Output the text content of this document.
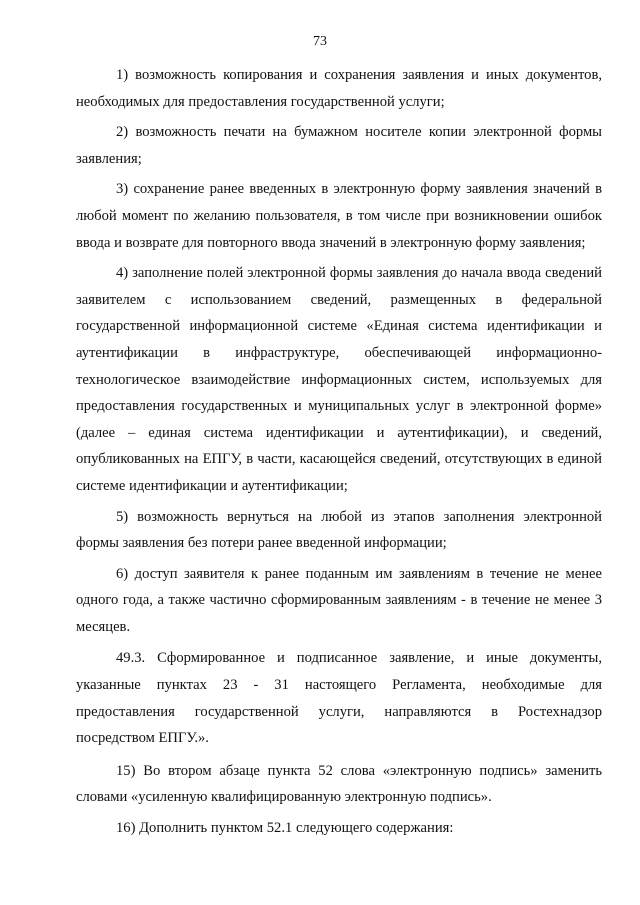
73

1) возможность копирования и сохранения заявления и иных документов, необходимых для предоставления государственной услуги;

2) возможность печати на бумажном носителе копии электронной формы заявления;

3) сохранение ранее введенных в электронную форму заявления значений в любой момент по желанию пользователя, в том числе при возникновении ошибок ввода и возврате для повторного ввода значений в электронную форму заявления;

4) заполнение полей электронной формы заявления до начала ввода сведений заявителем с использованием сведений, размещенных в федеральной государственной информационной системе «Единая система идентификации и аутентификации в инфраструктуре, обеспечивающей информационно-технологическое взаимодействие информационных систем, используемых для предоставления государственных и муниципальных услуг в электронной форме» (далее – единая система идентификации и аутентификации), и сведений, опубликованных на ЕПГУ, в части, касающейся сведений, отсутствующих в единой системе идентификации и аутентификации;

5) возможность вернуться на любой из этапов заполнения электронной формы заявления без потери ранее введенной информации;

6) доступ заявителя к ранее поданным им заявлениям в течение не менее одного года, а также частично сформированным заявлениям - в течение не менее 3 месяцев.

49.3. Сформированное и подписанное заявление, и иные документы, указанные пунктах 23 - 31 настоящего Регламента, необходимые для предоставления государственной услуги, направляются в Ростехнадзор посредством ЕПГУ.».

15) Во втором абзаце пункта 52 слова «электронную подпись» заменить словами «усиленную квалифицированную электронную подпись».

16) Дополнить пунктом 52.1 следующего содержания:
